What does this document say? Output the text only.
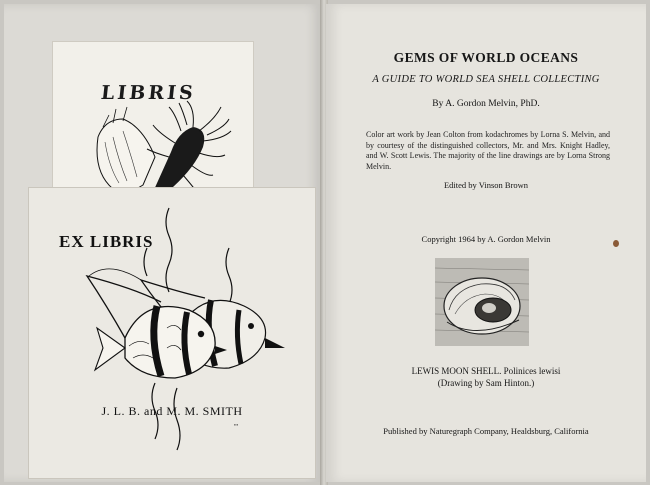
LIBRIS
EX LIBRIS
J. L. B. and M. M. SMITH
▪▪▪
GEMS OF WORLD OCEANS
A GUIDE TO WORLD SEA SHELL COLLECTING
By A. Gordon Melvin, PhD.
Color art work by Jean Colton from kodachromes by Lorna S. Melvin, and by courtesy of the distinguished collectors, Mr. and Mrs. Knight Hadley, and W. Scott Lewis. The majority of the line drawings are by Lorna Strong Melvin.
Edited by Vinson Brown
Copyright 1964 by A. Gordon Melvin
LEWIS MOON SHELL. Polinices lewisi
(Drawing by Sam Hinton.)
Published by Naturegraph Company, Healdsburg, California
